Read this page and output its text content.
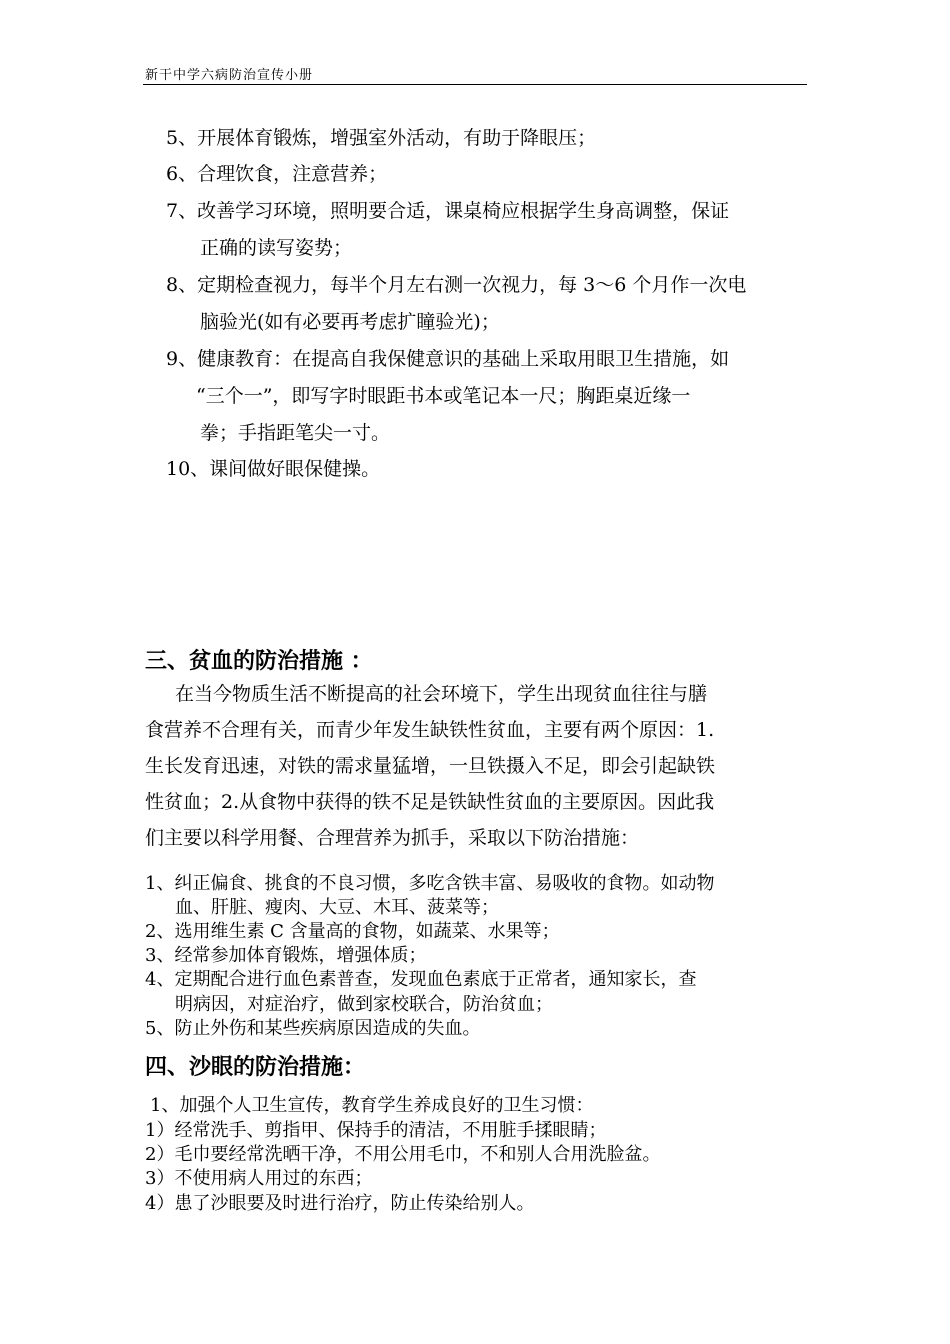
新干中学六病防治宣传小册
5、开展体育锻炼，增强室外活动，有助于降眼压；
6、合理饮食，注意营养；
7、改善学习环境，照明要合适，课桌椅应根据学生身高调整，保证
正确的读写姿势；
8、定期检查视力，每半个月左右测一次视力，每 3～6 个月作一次电
脑验光(如有必要再考虑扩瞳验光)；
9、健康教育：在提高自我保健意识的基础上采取用眼卫生措施，如
“三个一”，即写字时眼距书本或笔记本一尺；胸距桌近缘一
拳；手指距笔尖一寸。
10、课间做好眼保健操。
三、贫血的防治措施 ：
在当今物质生活不断提高的社会环境下，学生出现贫血往往与膳
食营养不合理有关，而青少年发生缺铁性贫血，主要有两个原因：1.
生长发育迅速，对铁的需求量猛增，一旦铁摄入不足，即会引起缺铁
性贫血；2.从食物中获得的铁不足是铁缺性贫血的主要原因。因此我
们主要以科学用餐、合理营养为抓手，采取以下防治措施：
1、纠正偏食、挑食的不良习惯，多吃含铁丰富、易吸收的食物。如动物
血、肝脏、瘦肉、大豆、木耳、菠菜等；
2、选用维生素 C 含量高的食物，如蔬菜、水果等；
3、经常参加体育锻炼，增强体质；
4、定期配合进行血色素普查，发现血色素底于正常者，通知家长，查
明病因，对症治疗，做到家校联合，防治贫血；
5、防止外伤和某些疾病原因造成的失血。
四、沙眼的防治措施：
1、加强个人卫生宣传，教育学生养成良好的卫生习惯：
1）经常洗手、剪指甲、保持手的清洁，不用脏手揉眼睛；
2）毛巾要经常洗晒干净，不用公用毛巾，不和别人合用洗脸盆。
3）不使用病人用过的东西；
4）患了沙眼要及时进行治疗，防止传染给别人。
